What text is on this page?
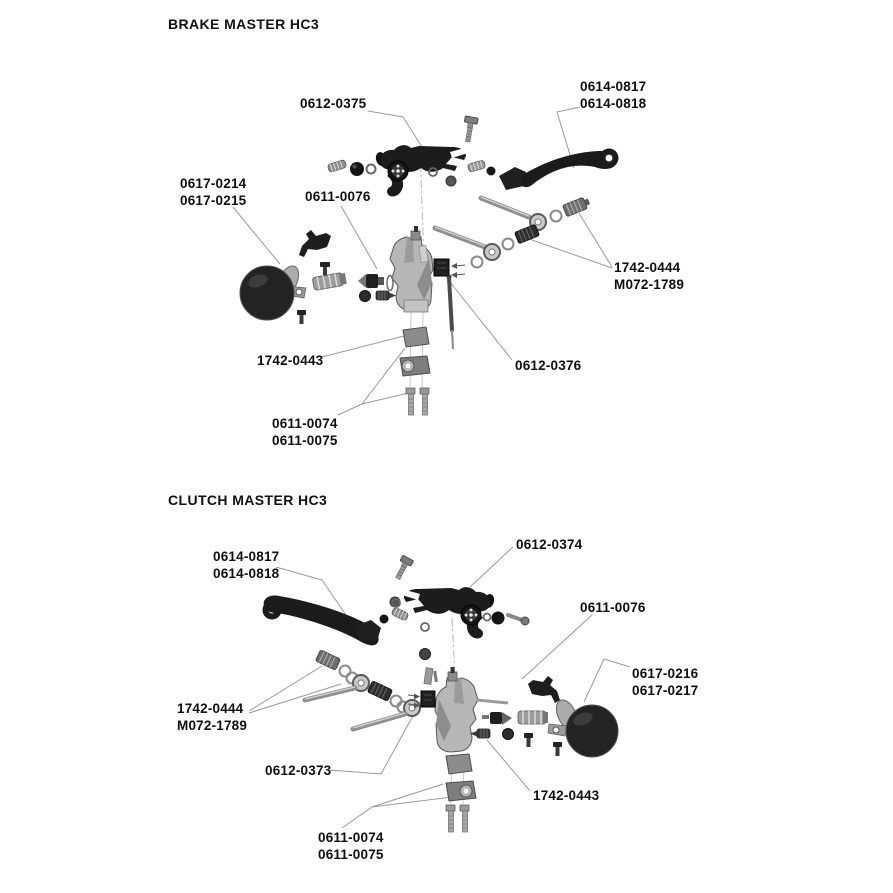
BRAKE MASTER HC3
CLUTCH MASTER HC3
0612-0375
0614-0817
0614-0818
0617-0214
0617-0215	0611-0076
1742-0444
M072-1789
1742-0443	0612-0376
0611-0074
0611-0075
0614-0817
0614-0818
0612-0374
0611-0076
0617-0216
0617-0217
1742-0444
M072-1789
0612-0373
1742-0443
0611-0074
0611-0075
